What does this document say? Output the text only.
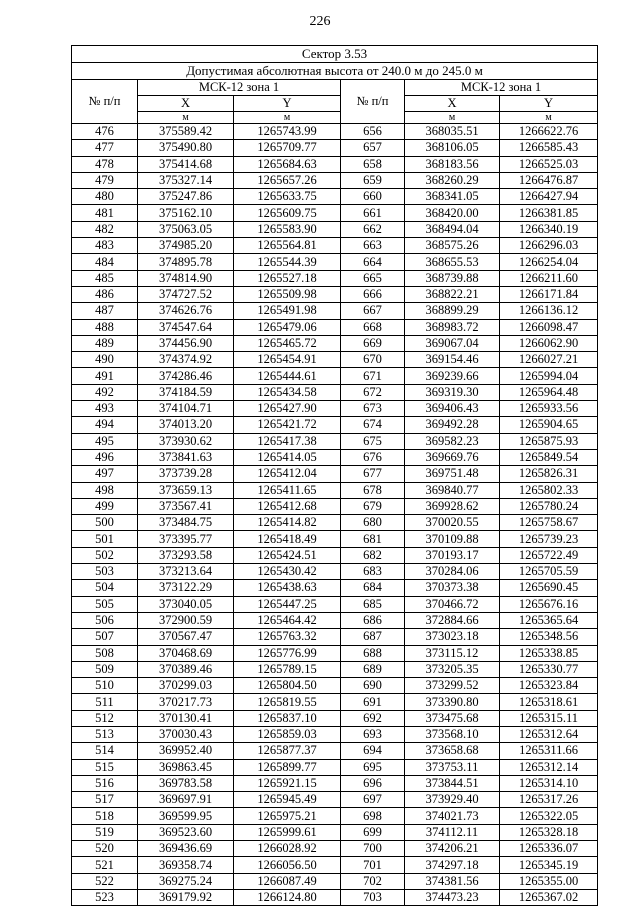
226
Сектор 3.53					
Допустимая абсолютная высота от 240.0 м до 245.0 м					
№ п/п	МСК-12 зона 1		№ п/п	МСК-12 зона 1	
	X	Y		X	Y
	м	м		м	м
476	375589.42	1265743.99	656	368035.51	1266622.76
477	375490.80	1265709.77	657	368106.05	1266585.43
478	375414.68	1265684.63	658	368183.56	1266525.03
479	375327.14	1265657.26	659	368260.29	1266476.87
480	375247.86	1265633.75	660	368341.05	1266427.94
481	375162.10	1265609.75	661	368420.00	1266381.85
482	375063.05	1265583.90	662	368494.04	1266340.19
483	374985.20	1265564.81	663	368575.26	1266296.03
484	374895.78	1265544.39	664	368655.53	1266254.04
485	374814.90	1265527.18	665	368739.88	1266211.60
486	374727.52	1265509.98	666	368822.21	1266171.84
487	374626.76	1265491.98	667	368899.29	1266136.12
488	374547.64	1265479.06	668	368983.72	1266098.47
489	374456.90	1265465.72	669	369067.04	1266062.90
490	374374.92	1265454.91	670	369154.46	1266027.21
491	374286.46	1265444.61	671	369239.66	1265994.04
492	374184.59	1265434.58	672	369319.30	1265964.48
493	374104.71	1265427.90	673	369406.43	1265933.56
494	374013.20	1265421.72	674	369492.28	1265904.65
495	373930.62	1265417.38	675	369582.23	1265875.93
496	373841.63	1265414.05	676	369669.76	1265849.54
497	373739.28	1265412.04	677	369751.48	1265826.31
498	373659.13	1265411.65	678	369840.77	1265802.33
499	373567.41	1265412.68	679	369928.62	1265780.24
500	373484.75	1265414.82	680	370020.55	1265758.67
501	373395.77	1265418.49	681	370109.88	1265739.23
502	373293.58	1265424.51	682	370193.17	1265722.49
503	373213.64	1265430.42	683	370284.06	1265705.59
504	373122.29	1265438.63	684	370373.38	1265690.45
505	373040.05	1265447.25	685	370466.72	1265676.16
506	372900.59	1265464.42	686	372884.66	1265365.64
507	370567.47	1265763.32	687	373023.18	1265348.56
508	370468.69	1265776.99	688	373115.12	1265338.85
509	370389.46	1265789.15	689	373205.35	1265330.77
510	370299.03	1265804.50	690	373299.52	1265323.84
511	370217.73	1265819.55	691	373390.80	1265318.61
512	370130.41	1265837.10	692	373475.68	1265315.11
513	370030.43	1265859.03	693	373568.10	1265312.64
514	369952.40	1265877.37	694	373658.68	1265311.66
515	369863.45	1265899.77	695	373753.11	1265312.14
516	369783.58	1265921.15	696	373844.51	1265314.10
517	369697.91	1265945.49	697	373929.40	1265317.26
518	369599.95	1265975.21	698	374021.73	1265322.05
519	369523.60	1265999.61	699	374112.11	1265328.18
520	369436.69	1266028.92	700	374206.21	1265336.07
521	369358.74	1266056.50	701	374297.18	1265345.19
522	369275.24	1266087.49	702	374381.56	1265355.00
523	369179.92	1266124.80	703	374473.23	1265367.02
